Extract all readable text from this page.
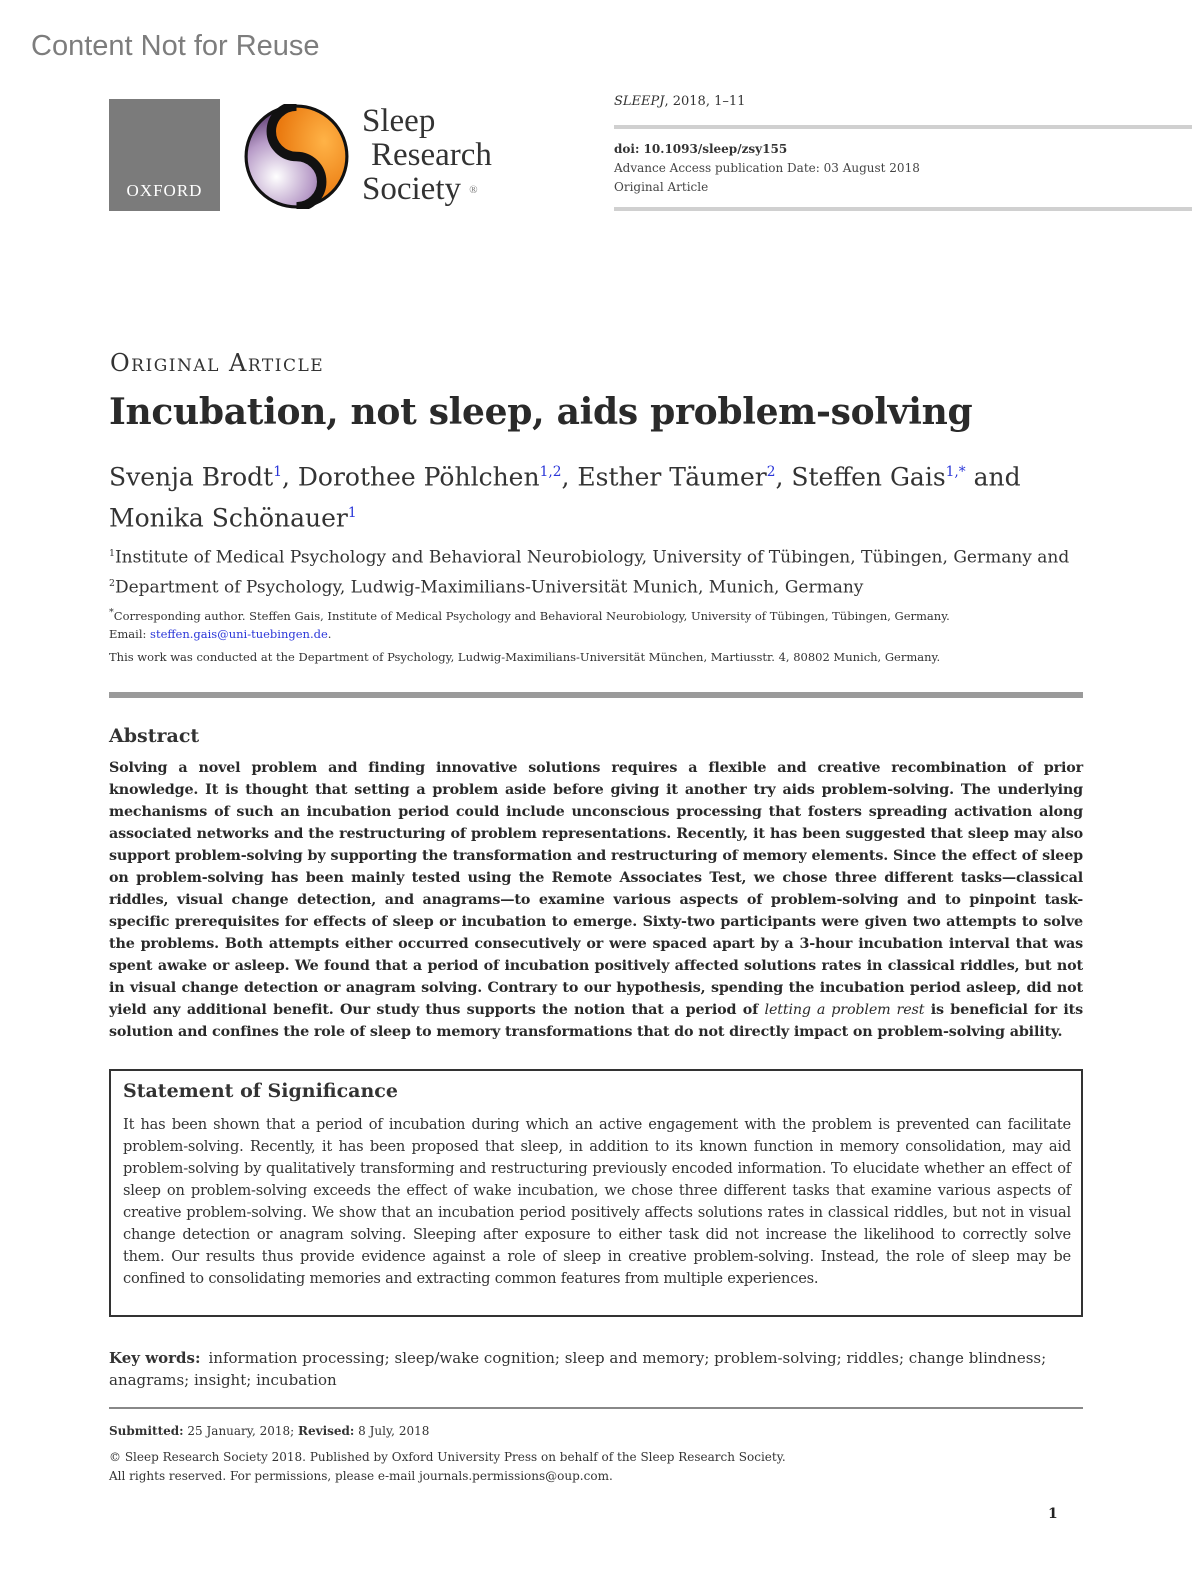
Content Not for Reuse
OXFORD
Sleep
Research
Society ®
SLEEPJ, 2018, 1–11
doi: 10.1093/sleep/zsy155
Advance Access publication Date: 03 August 2018
Original Article
Original Article
Incubation, not sleep, aids problem-solving
Svenja Brodt$^1$, Dorothee Pöhlchen$^{1,2}$, Esther Täumer$^2$, Steffen Gais$^{1,*}$ and
Monika Schönauer$^1$
$^1$Institute of Medical Psychology and Behavioral Neurobiology, University of Tübingen, Tübingen, Germany and
$^2$Department of Psychology, Ludwig-Maximilians-Universität Munich, Munich, Germany
*Corresponding author. Steffen Gais, Institute of Medical Psychology and Behavioral Neurobiology, University of Tübingen, Tübingen, Germany.
Email: steffen.gais@uni-tuebingen.de.
This work was conducted at the Department of Psychology, Ludwig-Maximilians-Universität München, Martiusstr. 4, 80802 Munich, Germany.
Abstract
Solving a novel problem and finding innovative solutions requires a flexible and creative recombination of prior knowledge. It is thought that setting a problem aside before giving it another try aids problem-solving. The underlying mechanisms of such an incubation period could include unconscious processing that fosters spreading activation along associated networks and the restructuring of problem representations. Recently, it has been suggested that sleep may also support problem-solving by supporting the transformation and restructuring of memory elements. Since the effect of sleep on problem-solving has been mainly tested using the Remote Associates Test, we chose three different tasks—classical riddles, visual change detection, and anagrams—to examine various aspects of problem-solving and to pinpoint task-specific prerequisites for effects of sleep or incubation to emerge. Sixty-two participants were given two attempts to solve the problems. Both attempts either occurred consecutively or were spaced apart by a 3-hour incubation interval that was spent awake or asleep. We found that a period of incubation positively affected solutions rates in classical riddles, but not in visual change detection or anagram solving. Contrary to our hypothesis, spending the incubation period asleep, did not yield any additional benefit. Our study thus supports the notion that a period of letting a problem rest is beneficial for its solution and confines the role of sleep to memory transformations that do not directly impact on problem-solving ability.
Statement of Significance
It has been shown that a period of incubation during which an active engagement with the problem is prevented can facilitate problem-solving. Recently, it has been proposed that sleep, in addition to its known function in memory consolidation, may aid problem-solving by qualitatively transforming and restructuring previously encoded information. To elucidate whether an effect of sleep on problem-solving exceeds the effect of wake incubation, we chose three different tasks that examine various aspects of creative problem-solving. We show that an incubation period positively affects solutions rates in classical riddles, but not in visual change detection or anagram solving. Sleeping after exposure to either task did not increase the likelihood to correctly solve them. Our results thus provide evidence against a role of sleep in creative problem-solving. Instead, the role of sleep may be confined to consolidating memories and extracting common features from multiple experiences.
Key words: information processing; sleep/wake cognition; sleep and memory; problem-solving; riddles; change blindness; anagrams; insight; incubation
Submitted: 25 January, 2018; Revised: 8 July, 2018
© Sleep Research Society 2018. Published by Oxford University Press on behalf of the Sleep Research Society.
All rights reserved. For permissions, please e-mail journals.permissions@oup.com.
1
